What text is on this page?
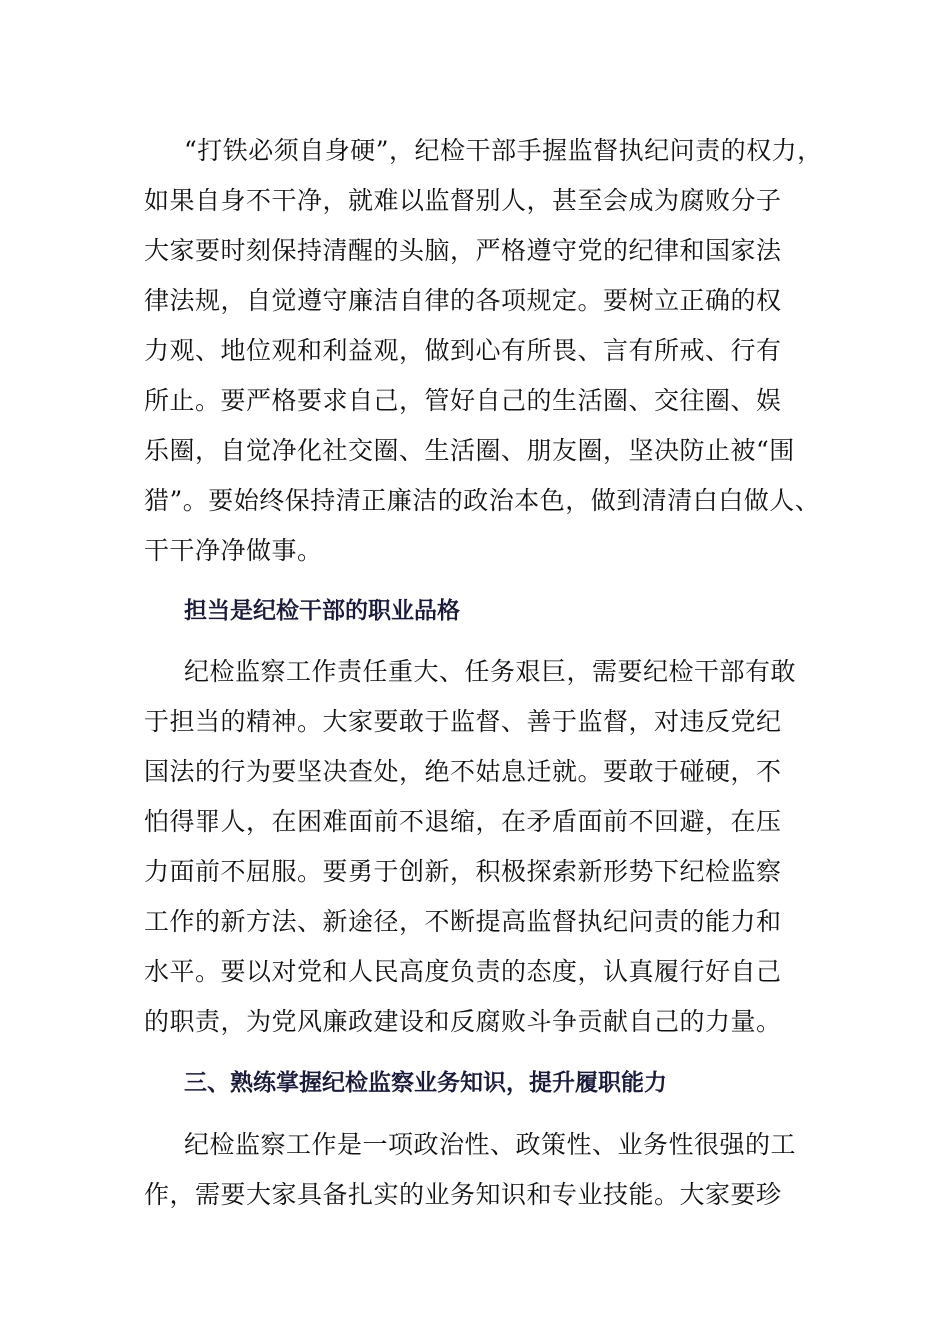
“打铁必须自身硬”，纪检干部手握监督执纪问责的权力，
如果自身不干净，就难以监督别人，甚至会成为腐败分子
大家要时刻保持清醒的头脑，严格遵守党的纪律和国家法
律法规，自觉遵守廉洁自律的各项规定。要树立正确的权
力观、地位观和利益观，做到心有所畏、言有所戒、行有
所止。要严格要求自己，管好自己的生活圈、交往圈、娱
乐圈，自觉净化社交圈、生活圈、朋友圈，坚决防止被“围
猎”。要始终保持清正廉洁的政治本色，做到清清白白做人、
干干净净做事。
担当是纪检干部的职业品格
纪检监察工作责任重大、任务艰巨，需要纪检干部有敢
于担当的精神。大家要敢于监督、善于监督，对违反党纪
国法的行为要坚决查处，绝不姑息迁就。要敢于碰硬，不
怕得罪人，在困难面前不退缩，在矛盾面前不回避，在压
力面前不屈服。要勇于创新，积极探索新形势下纪检监察
工作的新方法、新途径，不断提高监督执纪问责的能力和
水平。要以对党和人民高度负责的态度，认真履行好自己
的职责，为党风廉政建设和反腐败斗争贡献自己的力量。
三、熟练掌握纪检监察业务知识，提升履职能力
纪检监察工作是一项政治性、政策性、业务性很强的工
作，需要大家具备扎实的业务知识和专业技能。大家要珍
